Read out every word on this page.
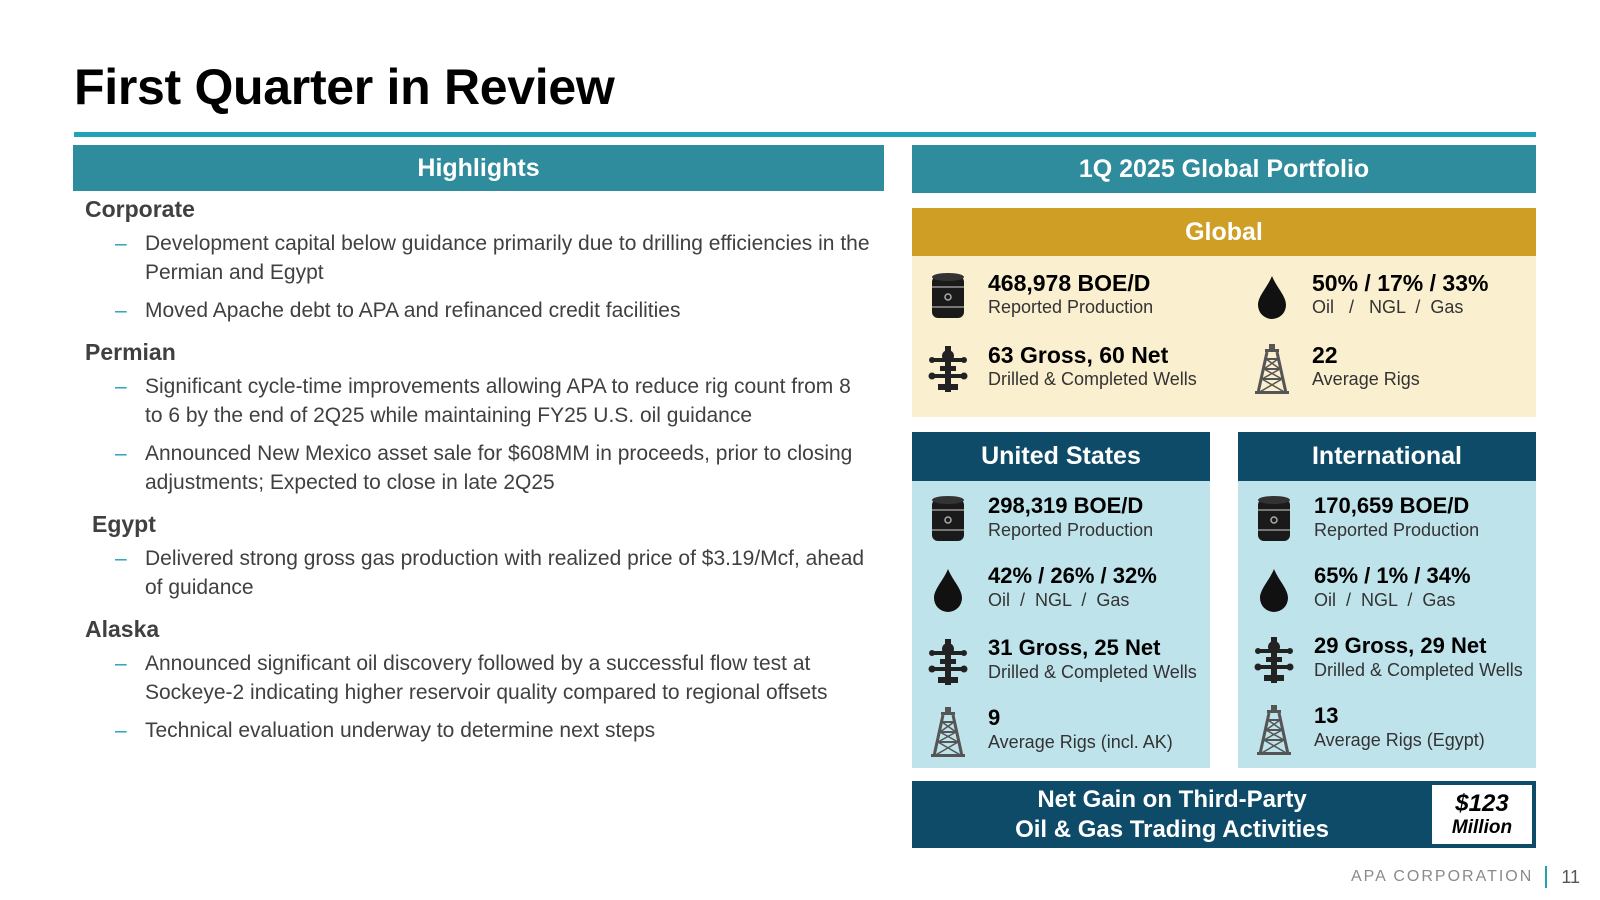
First Quarter in Review
Highlights
Corporate
– Development capital below guidance primarily due to drilling efficiencies in the Permian and Egypt
– Moved Apache debt to APA and refinanced credit facilities
Permian
– Significant cycle-time improvements allowing APA to reduce rig count from 8 to 6 by the end of 2Q25 while maintaining FY25 U.S. oil guidance
– Announced New Mexico asset sale for $608MM in proceeds, prior to closing adjustments; Expected to close in late 2Q25
Egypt
– Delivered strong gross gas production with realized price of $3.19/Mcf, ahead of guidance
Alaska
– Announced significant oil discovery followed by a successful flow test at Sockeye-2 indicating higher reservoir quality compared to regional offsets
– Technical evaluation underway to determine next steps
1Q 2025 Global Portfolio
Global
468,978 BOE/D
Reported Production
50% / 17% / 33%
Oil   /   NGL  /  Gas
63 Gross, 60 Net
Drilled & Completed Wells
22
Average Rigs
United States
298,319 BOE/D
Reported Production
42% / 26% / 32%
Oil  /  NGL  /  Gas
31 Gross, 25 Net
Drilled & Completed Wells
9
Average Rigs (incl. AK)
International
170,659 BOE/D
Reported Production
65% / 1% / 34%
Oil  /  NGL  /  Gas
29 Gross, 29 Net
Drilled & Completed Wells
13
Average Rigs (Egypt)
Net Gain on Third-Party
Oil & Gas Trading Activities
$123
Million
APA CORPORATION 11
